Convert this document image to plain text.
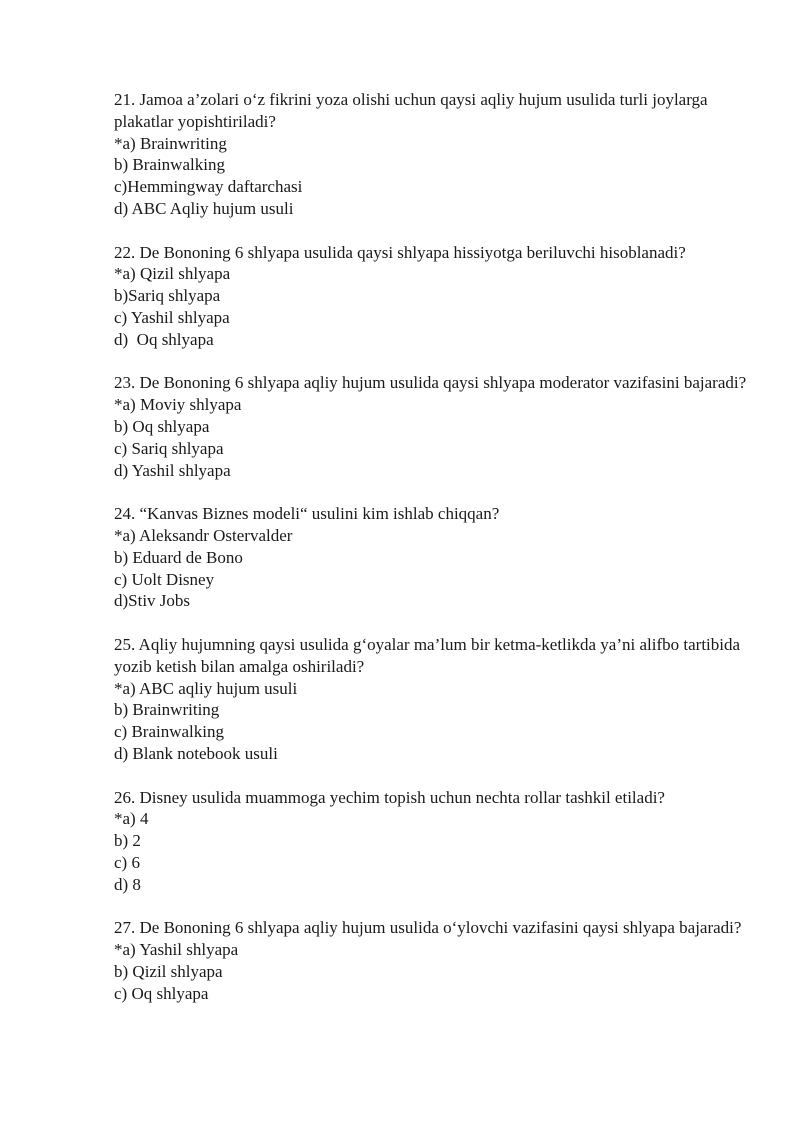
21. Jamoa a’zolari o‘z fikrini yoza olishi uchun qaysi aqliy hujum usulida turli joylarga plakatlar yopishtiriladi?
*a) Brainwriting
b) Brainwalking
c)Hemmingway daftarchasi
d) ABC Aqliy hujum usuli
22. De Bononing 6 shlyapa usulida qaysi shlyapa hissiyotga beriluvchi hisoblanadi?
*a) Qizil shlyapa
b)Sariq shlyapa
c) Yashil shlyapa
d)  Oq shlyapa
23. De Bononing 6 shlyapa aqliy hujum usulida qaysi shlyapa moderator vazifasini bajaradi?
*a) Moviy shlyapa
b) Oq shlyapa
c) Sariq shlyapa
d) Yashil shlyapa
24. “Kanvas Biznes modeli“ usulini kim ishlab chiqqan?
*a) Aleksandr Ostervalder
b) Eduard de Bono
c) Uolt Disney
d)Stiv Jobs
25. Aqliy hujumning qaysi usulida g‘oyalar ma’lum bir ketma-ketlikda ya’ni alifbo tartibida yozib ketish bilan amalga oshiriladi?
*a) ABC aqliy hujum usuli
b) Brainwriting
c) Brainwalking
d) Blank notebook usuli
26. Disney usulida muammoga yechim topish uchun nechta rollar tashkil etiladi?
*a) 4
b) 2
c) 6
d) 8
27. De Bononing 6 shlyapa aqliy hujum usulida o‘ylovchi vazifasini qaysi shlyapa bajaradi?
*a) Yashil shlyapa
b) Qizil shlyapa
c) Oq shlyapa
